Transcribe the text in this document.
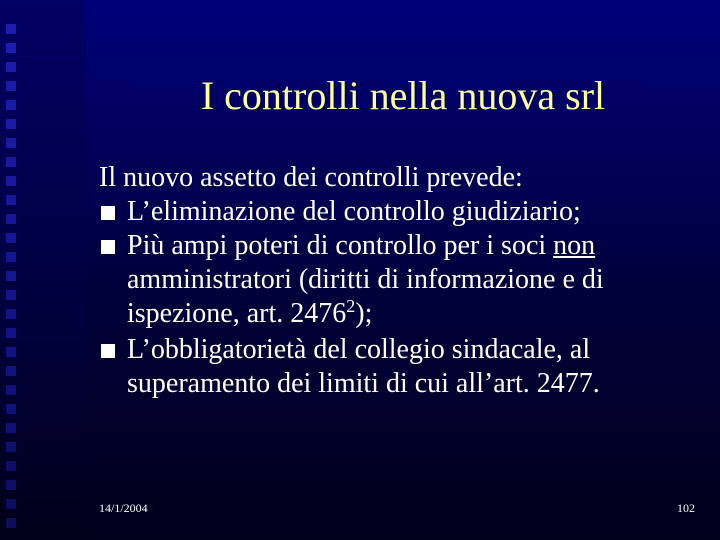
I controlli nella nuova srl

Il nuovo assetto dei controlli prevede:

L’eliminazione del controllo giudiziario;
Più ampi poteri di controllo per i soci non amministratori (diritti di informazione e di ispezione, art. 2476$^2$);
L’obbligatorietà del collegio sindacale, al superamento dei limiti di cui all’art. 2477.
14/1/2004	102
